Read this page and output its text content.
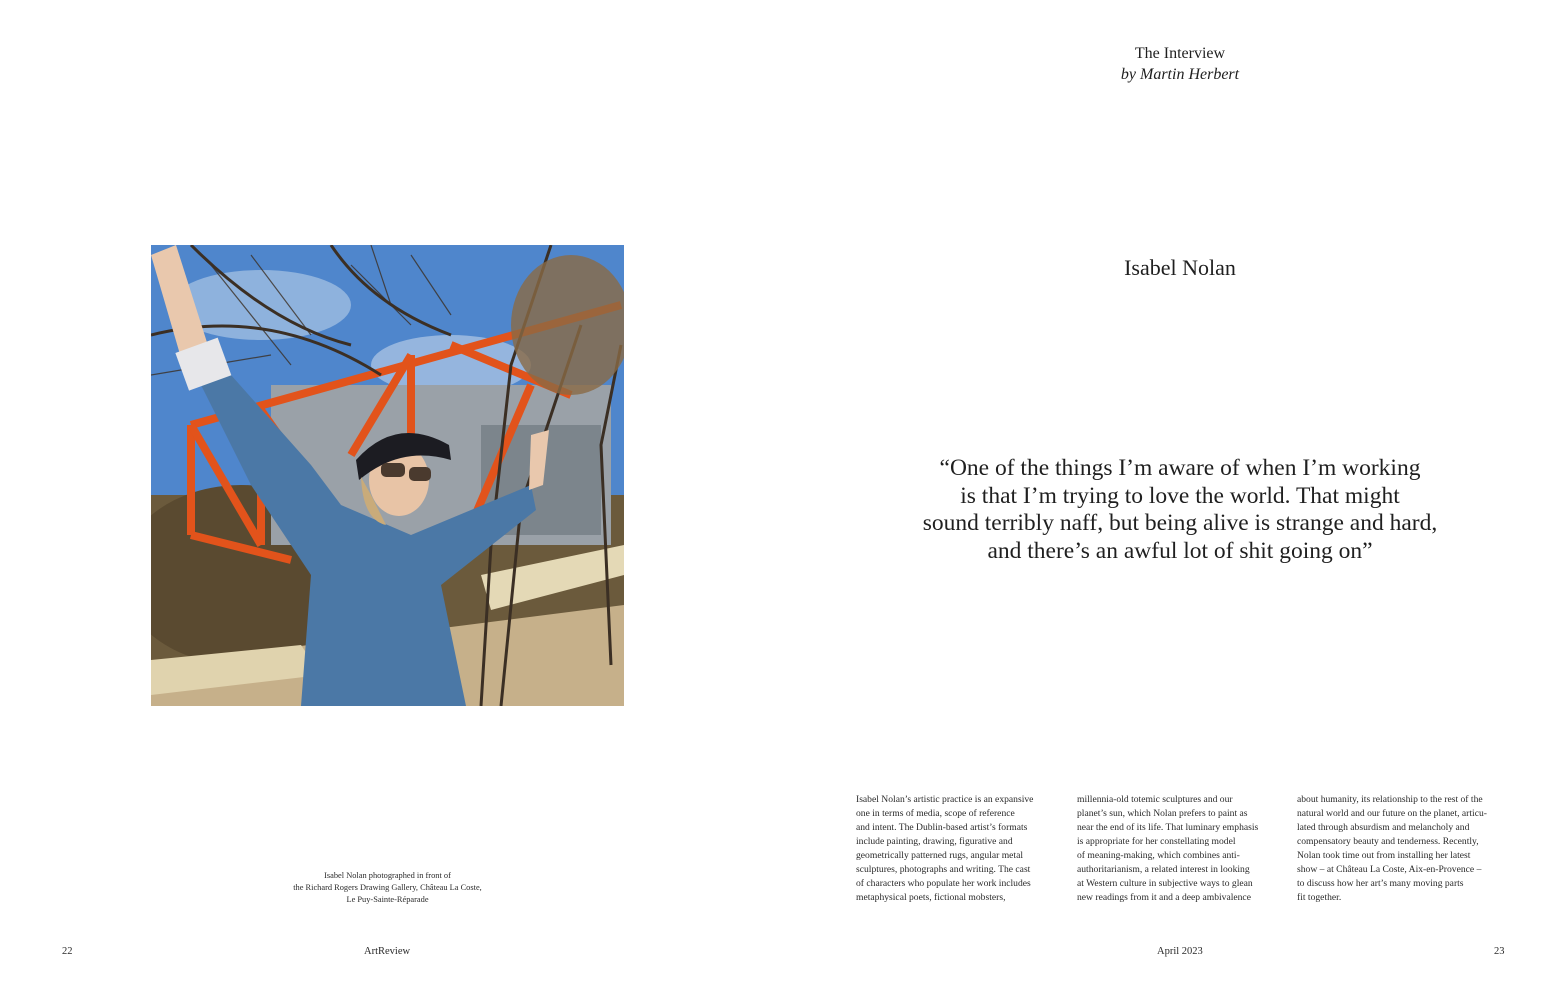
Isabel Nolan photographed in front of
the Richard Rogers Drawing Gallery, Château La Coste,
Le Puy-Sainte-Réparade
22	ArtReview
The Interview
by Martin Herbert
Isabel Nolan
“One of the things I’m aware of when I’m working
is that I’m trying to love the world. That might
sound terribly naff, but being alive is strange and hard,
and there’s an awful lot of shit going on”
Isabel Nolan’s artistic practice is an expansive
one in terms of media, scope of reference
and intent. The Dublin-based artist’s formats
include painting, drawing, figurative and
geometrically patterned rugs, angular metal
sculptures, photographs and writing. The cast
of characters who populate her work includes
metaphysical poets, fictional mobsters,
millennia-old totemic sculptures and our
planet’s sun, which Nolan prefers to paint as
near the end of its life. That luminary emphasis
is appropriate for her constellating model
of meaning-making, which combines anti-
authoritarianism, a related interest in looking
at Western culture in subjective ways to glean
new readings from it and a deep ambivalence
about humanity, its relationship to the rest of the
natural world and our future on the planet, articu-
lated through absurdism and melancholy and
compensatory beauty and tenderness. Recently,
Nolan took time out from installing her latest
show – at Château La Coste, Aix-en-Provence –
to discuss how her art’s many moving parts
fit together.
April 2023	23
